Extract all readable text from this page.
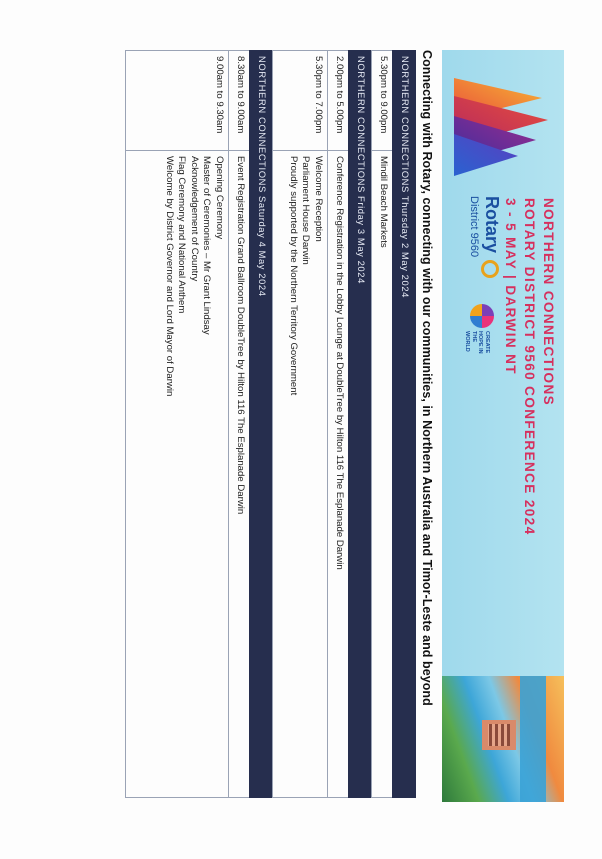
NORTHERN CONNECTIONS
ROTARY DISTRICT 9560 CONFERENCE 2024
3 - 5 MAY | DARWIN NT
Rotary
District 9560
CREATE HOPE IN THE WORLD
Connecting with Rotary, connecting with our communities, in Northern Australia and Timor-Leste and beyond
NORTHERN CONNECTIONS Thursday 2 May 2024	
5.30pm to 9.00pm	Mindil Beach Markets

NORTHERN CONNECTIONS Friday 3 May 2024	
2.00pm to 5.00pm	Conference Registration in the Lobby Lounge at DoubleTree by Hilton 116 The Esplanade Darwin

5.30pm to 7.00pm	Welcome Reception
Parliament House Darwin
Proudly supported by the Northern Territory Government

NORTHERN CONNECTIONS Saturday 4 May 2024	
8.30am to 9.00am	Event Registration Grand Ballroom DoubleTree by Hilton 116 The Esplanade Darwin

9.00am to 9.30am	Opening Ceremony
Master of Ceremonies – Mr Grant Lindsay
Acknowledgement of Country
Flag Ceremony and National Anthem
Welcome by District Governor and Lord Mayor of Darwin
